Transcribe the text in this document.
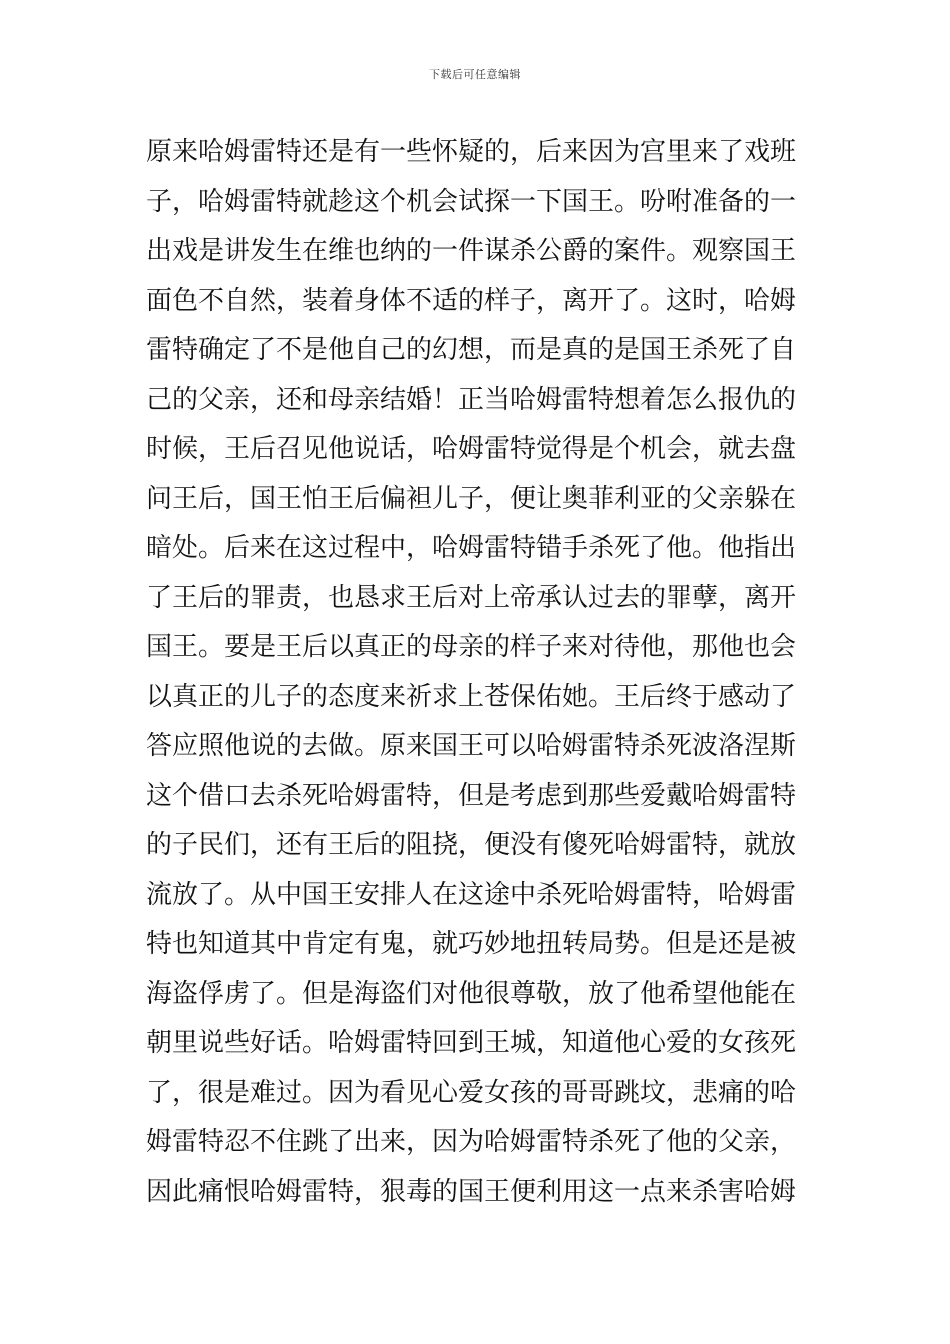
下载后可任意编辑
原来哈姆雷特还是有一些怀疑的，后来因为宫里来了戏班
子，哈姆雷特就趁这个机会试探一下国王。吩咐准备的一
出戏是讲发生在维也纳的一件谋杀公爵的案件。观察国王
面色不自然，装着身体不适的样子，离开了。这时，哈姆
雷特确定了不是他自己的幻想，而是真的是国王杀死了自
己的父亲，还和母亲结婚！正当哈姆雷特想着怎么报仇的
时候，王后召见他说话，哈姆雷特觉得是个机会，就去盘
问王后，国王怕王后偏袒儿子，便让奥菲利亚的父亲躲在
暗处。后来在这过程中，哈姆雷特错手杀死了他。他指出
了王后的罪责，也恳求王后对上帝承认过去的罪孽，离开
国王。要是王后以真正的母亲的样子来对待他，那他也会
以真正的儿子的态度来祈求上苍保佑她。王后终于感动了
答应照他说的去做。原来国王可以哈姆雷特杀死波洛涅斯
这个借口去杀死哈姆雷特，但是考虑到那些爱戴哈姆雷特
的子民们，还有王后的阻挠，便没有傻死哈姆雷特，就放
流放了。从中国王安排人在这途中杀死哈姆雷特，哈姆雷
特也知道其中肯定有鬼，就巧妙地扭转局势。但是还是被
海盗俘虏了。但是海盗们对他很尊敬，放了他希望他能在
朝里说些好话。哈姆雷特回到王城，知道他心爱的女孩死
了，很是难过。因为看见心爱女孩的哥哥跳坟，悲痛的哈
姆雷特忍不住跳了出来，因为哈姆雷特杀死了他的父亲，
因此痛恨哈姆雷特，狠毒的国王便利用这一点来杀害哈姆
